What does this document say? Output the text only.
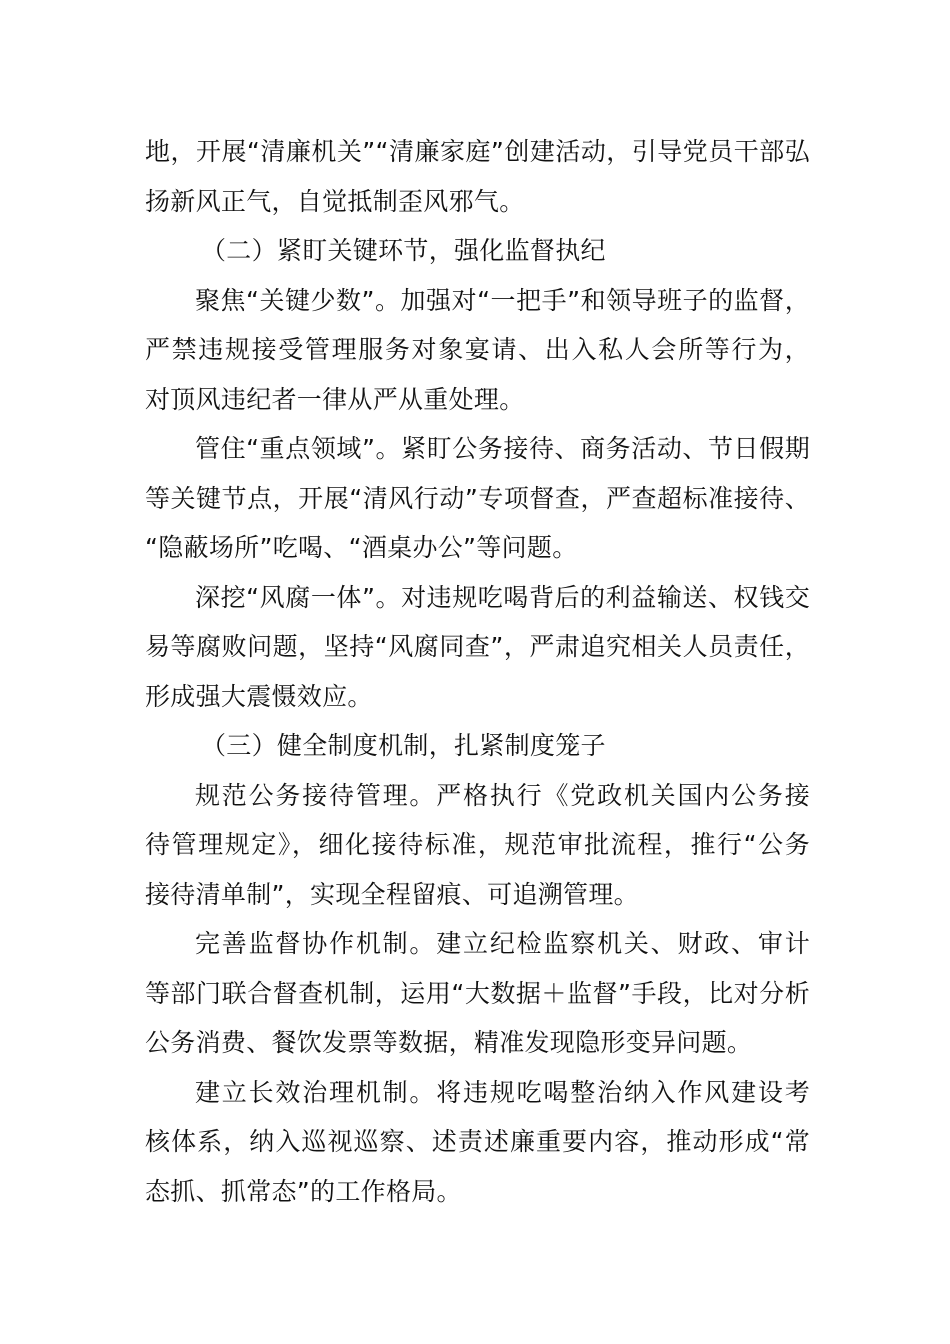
地，开展“清廉机关”“清廉家庭”创建活动，引导党员干部弘
扬新风正气，自觉抵制歪风邪气。
（二）紧盯关键环节，强化监督执纪
聚焦“关键少数”。加强对“一把手”和领导班子的监督，
严禁违规接受管理服务对象宴请、出入私人会所等行为，
对顶风违纪者一律从严从重处理。
管住“重点领域”。紧盯公务接待、商务活动、节日假期
等关键节点，开展“清风行动”专项督查，严查超标准接待、
“隐蔽场所”吃喝、“酒桌办公”等问题。
深挖“风腐一体”。对违规吃喝背后的利益输送、权钱交
易等腐败问题，坚持“风腐同查”，严肃追究相关人员责任，
形成强大震慑效应。
（三）健全制度机制，扎紧制度笼子
规范公务接待管理。严格执行《党政机关国内公务接
待管理规定》，细化接待标准，规范审批流程，推行“公务
接待清单制”，实现全程留痕、可追溯管理。
完善监督协作机制。建立纪检监察机关、财政、审计
等部门联合督查机制，运用“大数据＋监督”手段，比对分析
公务消费、餐饮发票等数据，精准发现隐形变异问题。
建立长效治理机制。将违规吃喝整治纳入作风建设考
核体系，纳入巡视巡察、述责述廉重要内容，推动形成“常
态抓、抓常态”的工作格局。
